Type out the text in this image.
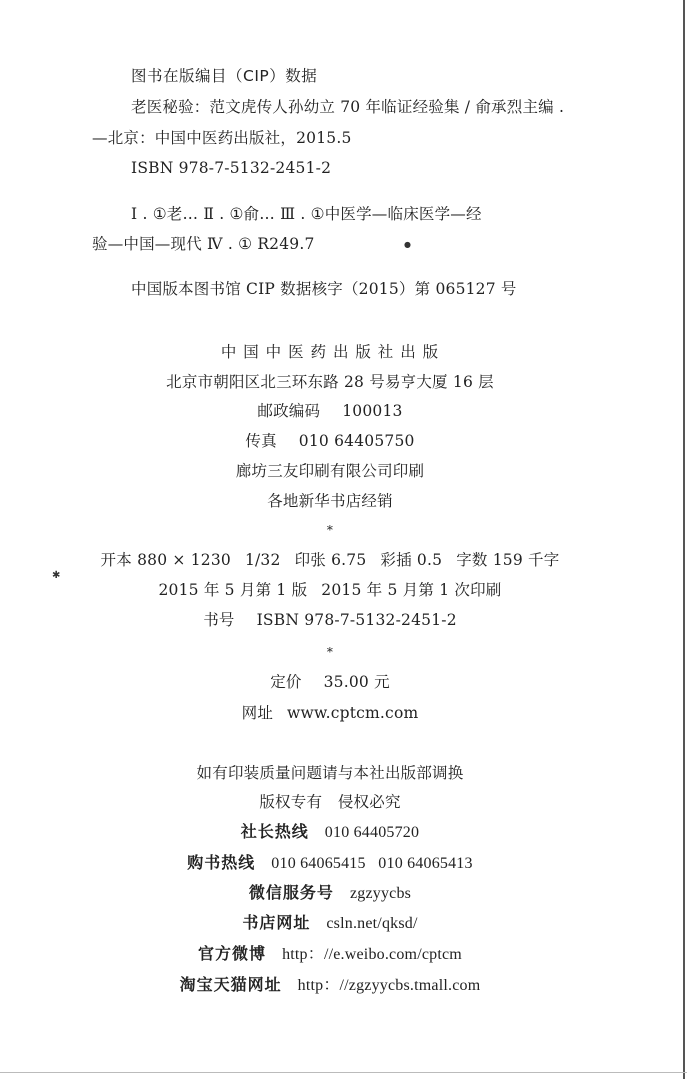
图书在版编目（CIP）数据
老医秘验：范文虎传人孙幼立 70 年临证经验集 / 俞承烈主编 .
—北京：中国中医药出版社，2015.5
ISBN 978-7-5132-2451-2
Ⅰ . ①老… Ⅱ . ①俞… Ⅲ . ①中医学—临床医学—经
验—中国—现代 Ⅳ . ① R249.7
中国版本图书馆 CIP 数据核字（2015）第 065127 号
中 国 中 医 药 出 版 社 出 版
北京市朝阳区北三环东路 28 号易亨大厦 16 层
邮政编码 100013
传真 010 64405750
廊坊三友印刷有限公司印刷
各地新华书店经销
*
开本 880 × 1230 1/32 印张 6.75 彩插 0.5 字数 159 千字
2015 年 5 月第 1 版 2015 年 5 月第 1 次印刷
书号 ISBN 978-7-5132-2451-2
*
定价 35.00 元
网址 www.cptcm.com
如有印装质量问题请与本社出版部调换
版权专有　侵权必究
社长热线 010 64405720
购书热线 010 64065415   010 64065413
微信服务号 zgzyycbs
书店网址 csln.net/qksd/
官方微博 http：//e.weibo.com/cptcm
淘宝天猫网址 http：//zgzyycbs.tmall.com
✱
●
